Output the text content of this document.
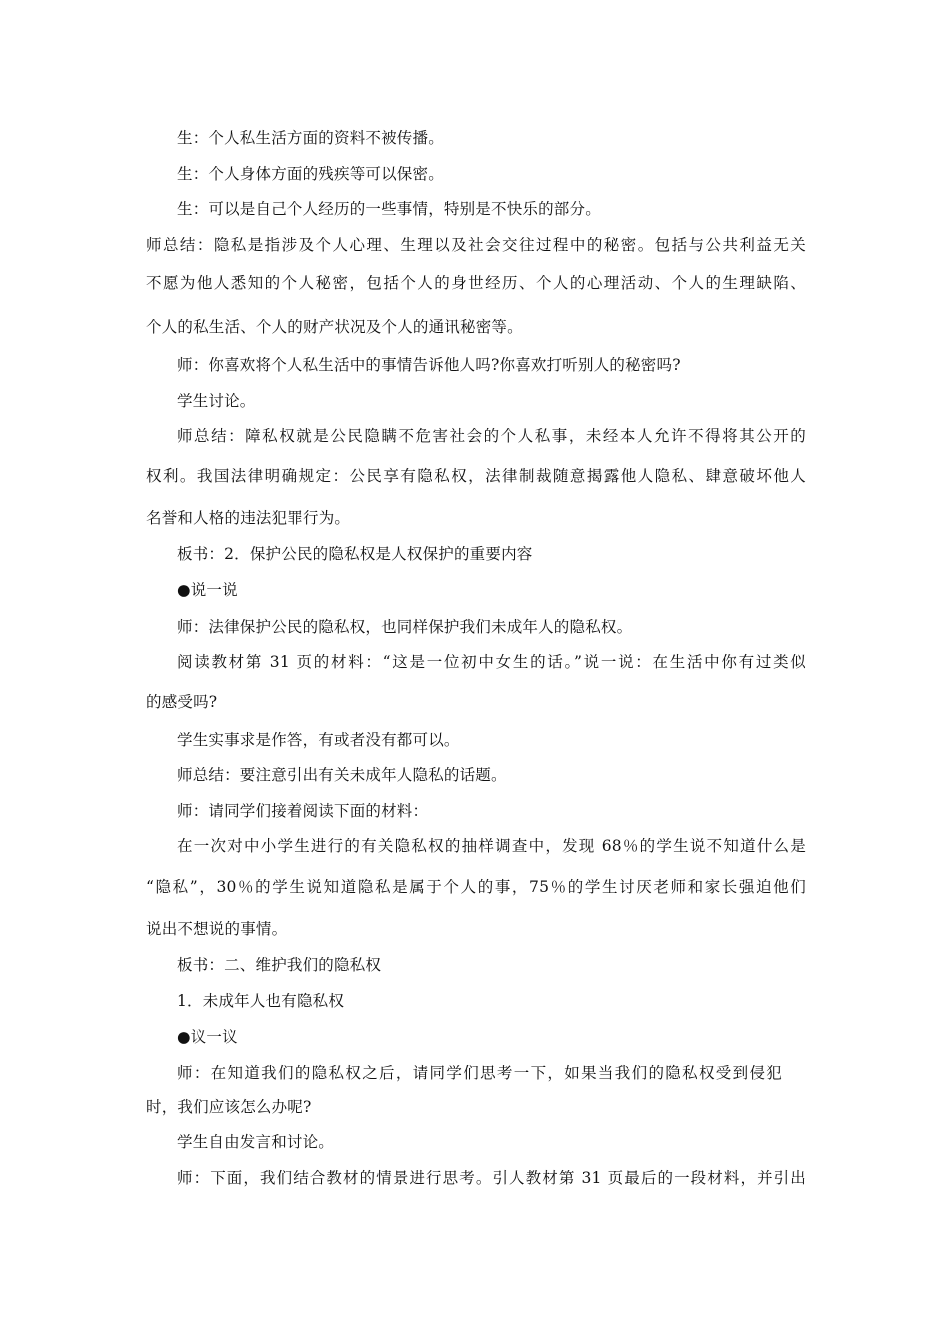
生：个人私生活方面的资料不被传播。
生：个人身体方面的残疾等可以保密。
生：可以是自己个人经历的一些事情，特别是不快乐的部分。
师总结：隐私是指涉及个人心理、生理以及社会交往过程中的秘密。包括与公共利益无关
不愿为他人悉知的个人秘密，包括个人的身世经历、个人的心理活动、个人的生理缺陷、
个人的私生活、个人的财产状况及个人的通讯秘密等。
师：你喜欢将个人私生活中的事情告诉他人吗?你喜欢打听别人的秘密吗?
学生讨论。
师总结：障私权就是公民隐瞒不危害社会的个人私事，未经本人允许不得将其公开的
权利。我国法律明确规定：公民享有隐私权，法律制裁随意揭露他人隐私、肆意破坏他人
名誉和人格的违法犯罪行为。
板书：2．保护公民的隐私权是人权保护的重要内容
●说一说
师：法律保护公民的隐私权，也同样保护我们未成年人的隐私权。
阅读教材第 31 页的材料：“这是一位初中女生的话。”说一说：在生活中你有过类似
的感受吗?
学生实事求是作答，有或者没有都可以。
师总结：要注意引出有关未成年人隐私的话题。
师：请同学们接着阅读下面的材料：
在一次对中小学生进行的有关隐私权的抽样调查中，发现 68％的学生说不知道什么是
“隐私”，30％的学生说知道隐私是属于个人的事，75％的学生讨厌老师和家长强迫他们
说出不想说的事情。
板书：二、维护我们的隐私权
1．未成年人也有隐私权
●议一议
师：在知道我们的隐私权之后，请同学们思考一下，如果当我们的隐私权受到侵犯
时，我们应该怎么办呢?
学生自由发言和讨论。
师：下面，我们结合教材的情景进行思考。引人教材第 31 页最后的一段材料，并引出
